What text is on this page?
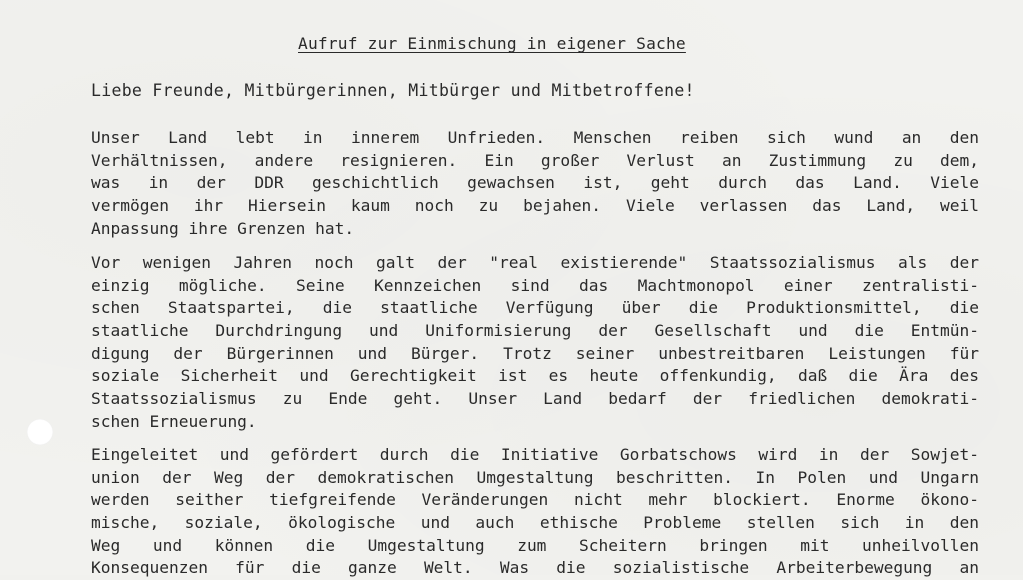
Aufruf zur Einmischung in eigener Sache

Liebe Freunde, Mitbürgerinnen, Mitbürger und Mitbetroffene!

Unser Land lebt in innerem Unfrieden. Menschen reiben sich wund an den
Verhältnissen, andere resignieren. Ein großer Verlust an Zustimmung zu dem,
was in der DDR geschichtlich gewachsen ist, geht durch das Land. Viele
vermögen ihr Hiersein kaum noch zu bejahen. Viele verlassen das Land, weil
Anpassung ihre Grenzen hat.
Vor wenigen Jahren noch galt der "real existierende" Staatssozialismus als der
einzig mögliche. Seine Kennzeichen sind das Machtmonopol einer zentralisti-
schen Staatspartei, die staatliche Verfügung über die Produktionsmittel, die
staatliche Durchdringung und Uniformisierung der Gesellschaft und die Entmün-
digung der Bürgerinnen und Bürger. Trotz seiner unbestreitbaren Leistungen für
soziale Sicherheit und Gerechtigkeit ist es heute offenkundig, daß die Ära des
Staatssozialismus zu Ende geht. Unser Land bedarf der friedlichen demokrati-
schen Erneuerung.
Eingeleitet und gefördert durch die Initiative Gorbatschows wird in der Sowjet-
union der Weg der demokratischen Umgestaltung beschritten. In Polen und Ungarn
werden seither tiefgreifende Veränderungen nicht mehr blockiert. Enorme ökono-
mische, soziale, ökologische und auch ethische Probleme stellen sich in den
Weg und können die Umgestaltung zum Scheitern bringen mit unheilvollen
Konsequenzen für die ganze Welt. Was die sozialistische Arbeiterbewegung an
